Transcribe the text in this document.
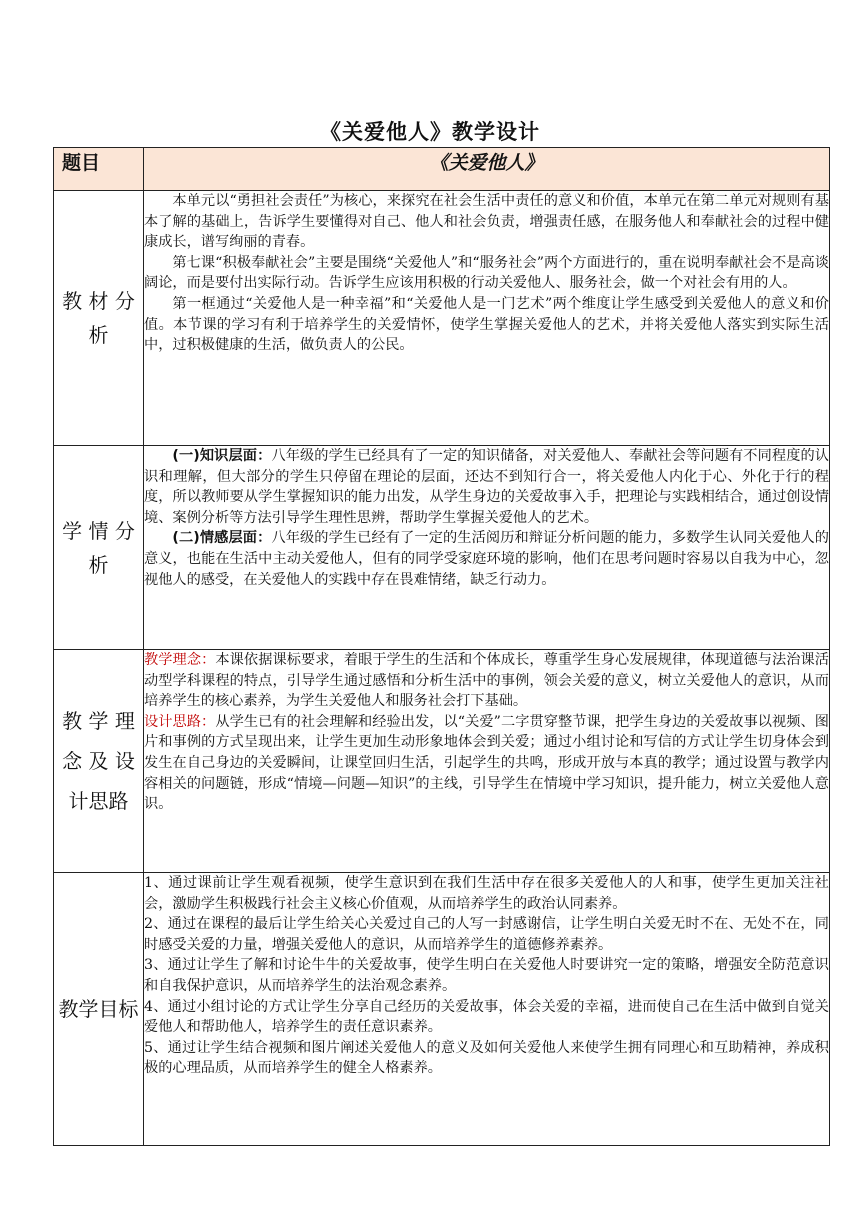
《关爱他人》教学设计
题目	《关爱他人》
教 材 分 析	本单元以“勇担社会责任”为核心，来探究在社会生活中责任的意义和价值，本单元在第二单元对规则有基本了解的基础上，告诉学生要懂得对自己、他人和社会负责，增强责任感，在服务他人和奉献社会的过程中健康成长，谱写绚丽的青春。

第七课“积极奉献社会”主要是围绕“关爱他人”和“服务社会”两个方面进行的，重在说明奉献社会不是高谈阔论，而是要付出实际行动。告诉学生应该用积极的行动关爱他人、服务社会，做一个对社会有用的人。

第一框通过“关爱他人是一种幸福”和“关爱他人是一门艺术”两个维度让学生感受到关爱他人的意义和价值。本节课的学习有利于培养学生的关爱情怀，使学生掌握关爱他人的艺术，并将关爱他人落实到实际生活中，过积极健康的生活，做负责人的公民。

学 情 分 析	(一)知识层面：八年级的学生已经具有了一定的知识储备，对关爱他人、奉献社会等问题有不同程度的认识和理解，但大部分的学生只停留在理论的层面，还达不到知行合一，将关爱他人内化于心、外化于行的程度，所以教师要从学生掌握知识的能力出发，从学生身边的关爱故事入手，把理论与实践相结合，通过创设情境、案例分析等方法引导学生理性思辨，帮助学生掌握关爱他人的艺术。

(二)情感层面：八年级的学生已经有了一定的生活阅历和辩证分析问题的能力，多数学生认同关爱他人的意义，也能在生活中主动关爱他人，但有的同学受家庭环境的影响，他们在思考问题时容易以自我为中心，忽视他人的感受，在关爱他人的实践中存在畏难情绪，缺乏行动力。

教 学 理 念 及 设 计思路	教学理念：本课依据课标要求，着眼于学生的生活和个体成长，尊重学生身心发展规律，体现道德与法治课活动型学科课程的特点，引导学生通过感悟和分析生活中的事例，领会关爱的意义，树立关爱他人的意识，从而培养学生的核心素养，为学生关爱他人和服务社会打下基础。

设计思路：从学生已有的社会理解和经验出发，以“关爱”二字贯穿整节课，把学生身边的关爱故事以视频、图片和事例的方式呈现出来，让学生更加生动形象地体会到关爱；通过小组讨论和写信的方式让学生切身体会到发生在自己身边的关爱瞬间，让课堂回归生活，引起学生的共鸣，形成开放与本真的教学；通过设置与教学内容相关的问题链，形成“情境—问题—知识”的主线，引导学生在情境中学习知识，提升能力，树立关爱他人意识。

教学目标	1、通过课前让学生观看视频，使学生意识到在我们生活中存在很多关爱他人的人和事，使学生更加关注社会，激励学生积极践行社会主义核心价值观，从而培养学生的政治认同素养。

2、通过在课程的最后让学生给关心关爱过自己的人写一封感谢信，让学生明白关爱无时不在、无处不在，同时感受关爱的力量，增强关爱他人的意识，从而培养学生的道德修养素养。

3、通过让学生了解和讨论牛牛的关爱故事，使学生明白在关爱他人时要讲究一定的策略，增强安全防范意识和自我保护意识，从而培养学生的法治观念素养。

4、通过小组讨论的方式让学生分享自己经历的关爱故事，体会关爱的幸福，进而使自己在生活中做到自觉关爱他人和帮助他人，培养学生的责任意识素养。

5、通过让学生结合视频和图片阐述关爱他人的意义及如何关爱他人来使学生拥有同理心和互助精神，养成积极的心理品质，从而培养学生的健全人格素养。
